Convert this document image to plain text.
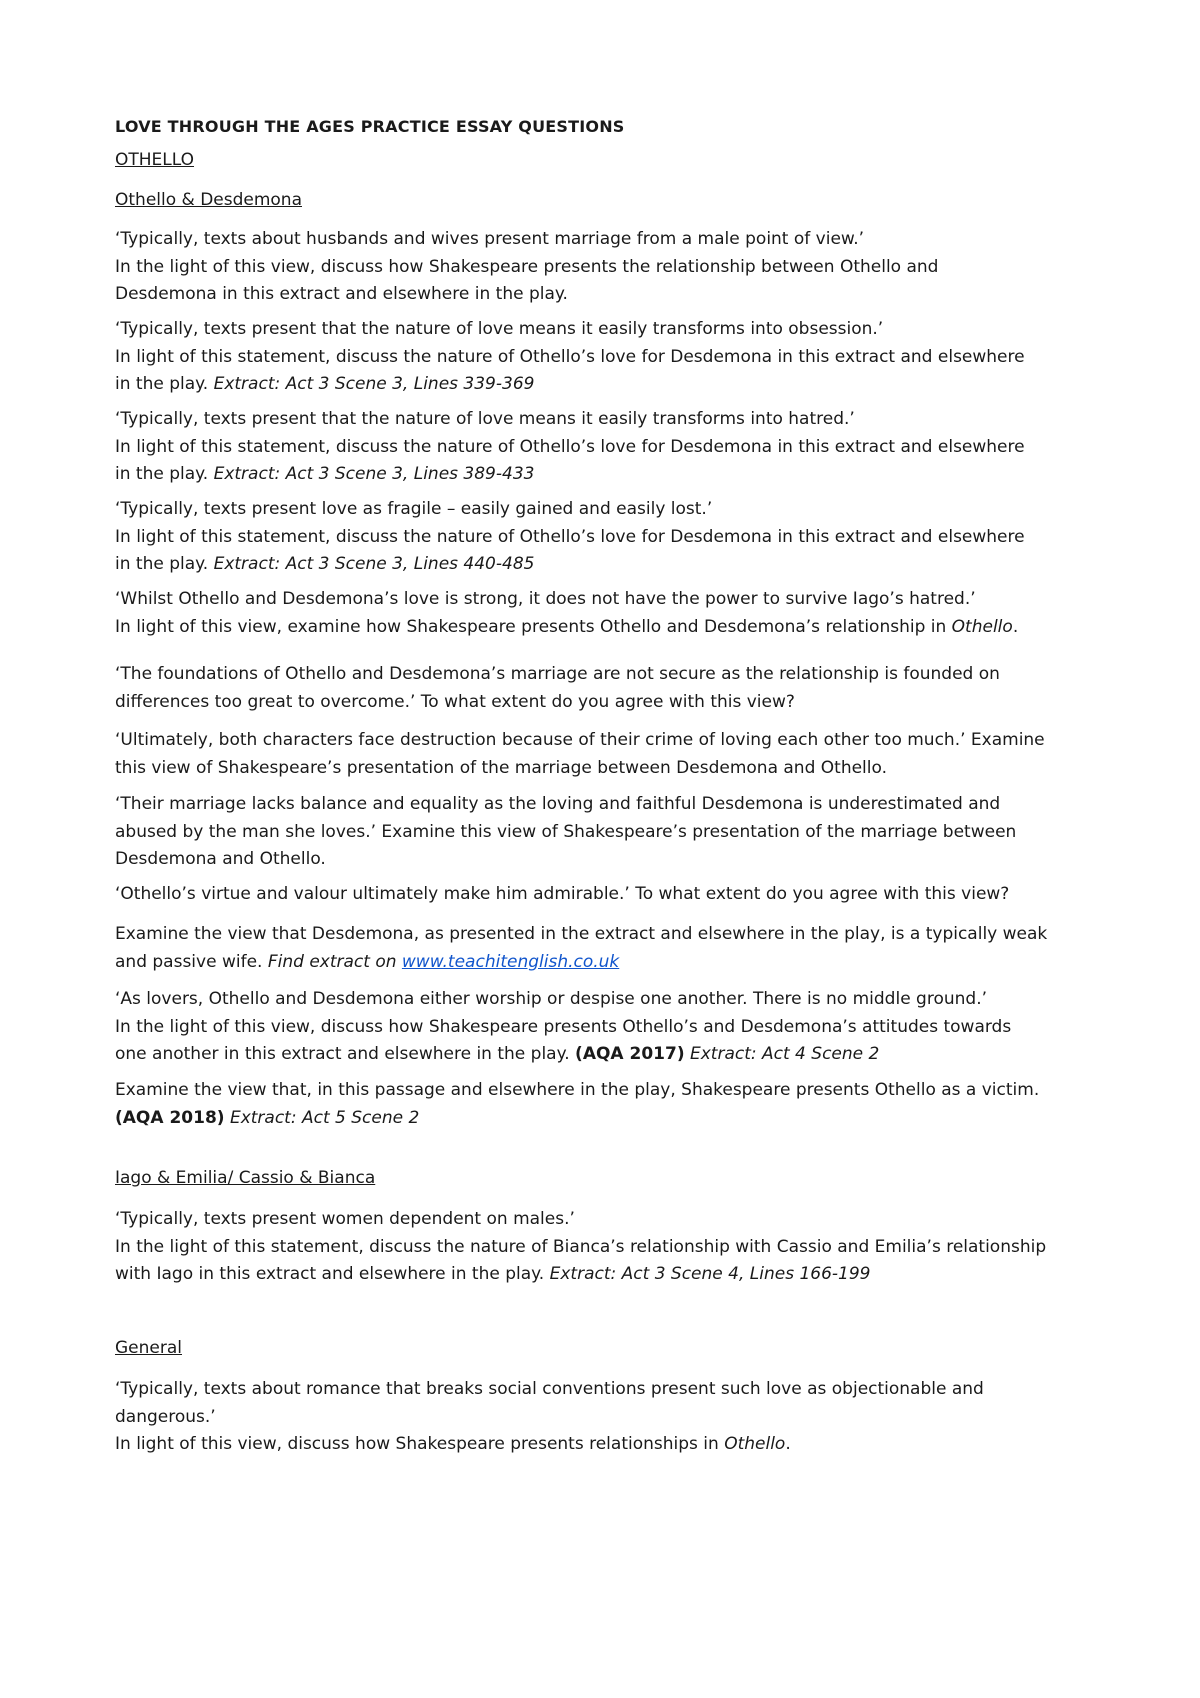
LOVE THROUGH THE AGES PRACTICE ESSAY QUESTIONS
OTHELLO
Othello & Desdemona
‘Typically, texts about husbands and wives present marriage from a male point of view.’
In the light of this view, discuss how Shakespeare presents the relationship between Othello and
Desdemona in this extract and elsewhere in the play.
‘Typically, texts present that the nature of love means it easily transforms into obsession.’
In light of this statement, discuss the nature of Othello’s love for Desdemona in this extract and elsewhere
in the play. Extract: Act 3 Scene 3, Lines 339-369
‘Typically, texts present that the nature of love means it easily transforms into hatred.’
In light of this statement, discuss the nature of Othello’s love for Desdemona in this extract and elsewhere
in the play. Extract: Act 3 Scene 3, Lines 389-433
‘Typically, texts present love as fragile – easily gained and easily lost.’
In light of this statement, discuss the nature of Othello’s love for Desdemona in this extract and elsewhere
in the play. Extract: Act 3 Scene 3, Lines 440-485
‘Whilst Othello and Desdemona’s love is strong, it does not have the power to survive Iago’s hatred.’
In light of this view, examine how Shakespeare presents Othello and Desdemona’s relationship in Othello.
‘The foundations of Othello and Desdemona’s marriage are not secure as the relationship is founded on
differences too great to overcome.’ To what extent do you agree with this view?
‘Ultimately, both characters face destruction because of their crime of loving each other too much.’ Examine
this view of Shakespeare’s presentation of the marriage between Desdemona and Othello.
‘Their marriage lacks balance and equality as the loving and faithful Desdemona is underestimated and
abused by the man she loves.’ Examine this view of Shakespeare’s presentation of the marriage between
Desdemona and Othello.
‘Othello’s virtue and valour ultimately make him admirable.’ To what extent do you agree with this view?
Examine the view that Desdemona, as presented in the extract and elsewhere in the play, is a typically weak
and passive wife. Find extract on www.teachitenglish.co.uk
‘As lovers, Othello and Desdemona either worship or despise one another. There is no middle ground.’
In the light of this view, discuss how Shakespeare presents Othello’s and Desdemona’s attitudes towards
one another in this extract and elsewhere in the play. (AQA 2017) Extract: Act 4 Scene 2
Examine the view that, in this passage and elsewhere in the play, Shakespeare presents Othello as a victim.
(AQA 2018) Extract: Act 5 Scene 2
Iago & Emilia/ Cassio & Bianca
‘Typically, texts present women dependent on males.’
In the light of this statement, discuss the nature of Bianca’s relationship with Cassio and Emilia’s relationship
with Iago in this extract and elsewhere in the play. Extract: Act 3 Scene 4, Lines 166-199
General
‘Typically, texts about romance that breaks social conventions present such love as objectionable and
dangerous.’
In light of this view, discuss how Shakespeare presents relationships in Othello.
